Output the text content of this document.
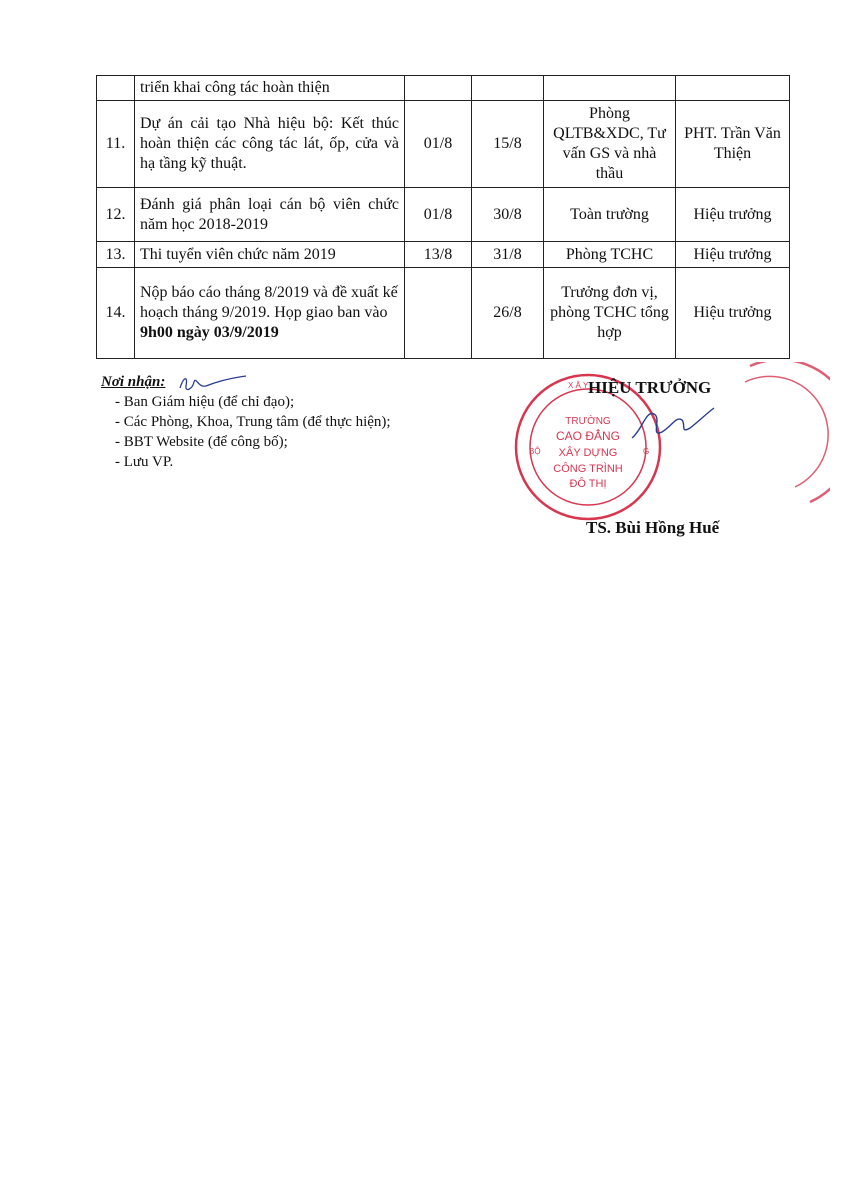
	triển khai công tác hoàn thiện				
11.	Dự án cải tạo Nhà hiệu bộ: Kết thúc hoàn thiện các công tác lát, ốp, cửa và hạ tầng kỹ thuật.	01/8	15/8	Phòng QLTB&XDC, Tư vấn GS và nhà thầu	PHT. Trần Văn Thiện
12.	Đánh giá phân loại cán bộ viên chức năm học 2018-2019	01/8	30/8	Toàn trường	Hiệu trưởng
13.	Thi tuyển viên chức năm 2019	13/8	31/8	Phòng TCHC	Hiệu trưởng
14.	Nộp báo cáo tháng 8/2019 và đề xuất kế hoạch tháng 9/2019. Họp giao ban vào 9h00 ngày 03/9/2019		26/8	Trưởng đơn vị, phòng TCHC tổng hợp	Hiệu trưởng
Nơi nhận:
- Ban Giám hiệu (để chỉ đạo);
- Các Phòng, Khoa, Trung tâm (để thực hiện);
- BBT Website (để công bố);
- Lưu VP.
TRƯỜNG
CAO ĐẲNG
XÂY DỰNG
CÔNG TRÌNH
ĐÔ THỊ
BỘ	G
X Â Y HIỆU TRƯỞNG
TS. Bùi Hồng Huế
